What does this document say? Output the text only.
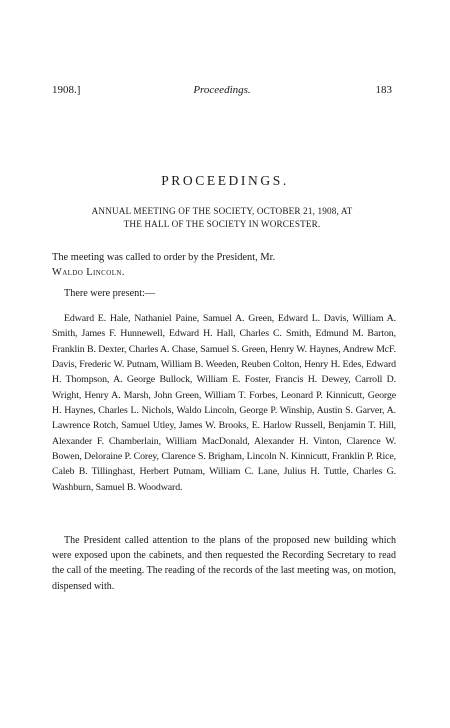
1908.]	Proceedings.	183
PROCEEDINGS.
ANNUAL MEETING OF THE SOCIETY, OCTOBER 21, 1908, AT
THE HALL OF THE SOCIETY IN WORCESTER.
The meeting was called to order by the President, Mr.
Waldo Lincoln.
There were present:—
Edward E. Hale, Nathaniel Paine, Samuel A. Green, Edward L. Davis, William A. Smith, James F. Hunnewell, Edward H. Hall, Charles C. Smith, Edmund M. Barton, Franklin B. Dexter, Charles A. Chase, Samuel S. Green, Henry W. Haynes, Andrew McF. Davis, Frederic W. Putnam, William B. Weeden, Reuben Colton, Henry H. Edes, Edward H. Thompson, A. George Bullock, William E. Foster, Francis H. Dewey, Carroll D. Wright, Henry A. Marsh, John Green, William T. Forbes, Leonard P. Kinnicutt, George H. Haynes, Charles L. Nichols, Waldo Lincoln, George P. Winship, Austin S. Garver, A. Lawrence Rotch, Samuel Utley, James W. Brooks, E. Harlow Russell, Benjamin T. Hill, Alexander F. Chamberlain, William MacDonald, Alexander H. Vinton, Clarence W. Bowen, Deloraine P. Corey, Clarence S. Brigham, Lincoln N. Kinnicutt, Franklin P. Rice, Caleb B. Tillinghast, Herbert Putnam, William C. Lane, Julius H. Tuttle, Charles G. Washburn, Samuel B. Woodward.
The President called attention to the plans of the proposed new building which were exposed upon the cabinets, and then requested the Recording Secretary to read the call of the meeting. The reading of the records of the last meeting was, on motion, dispensed with.
